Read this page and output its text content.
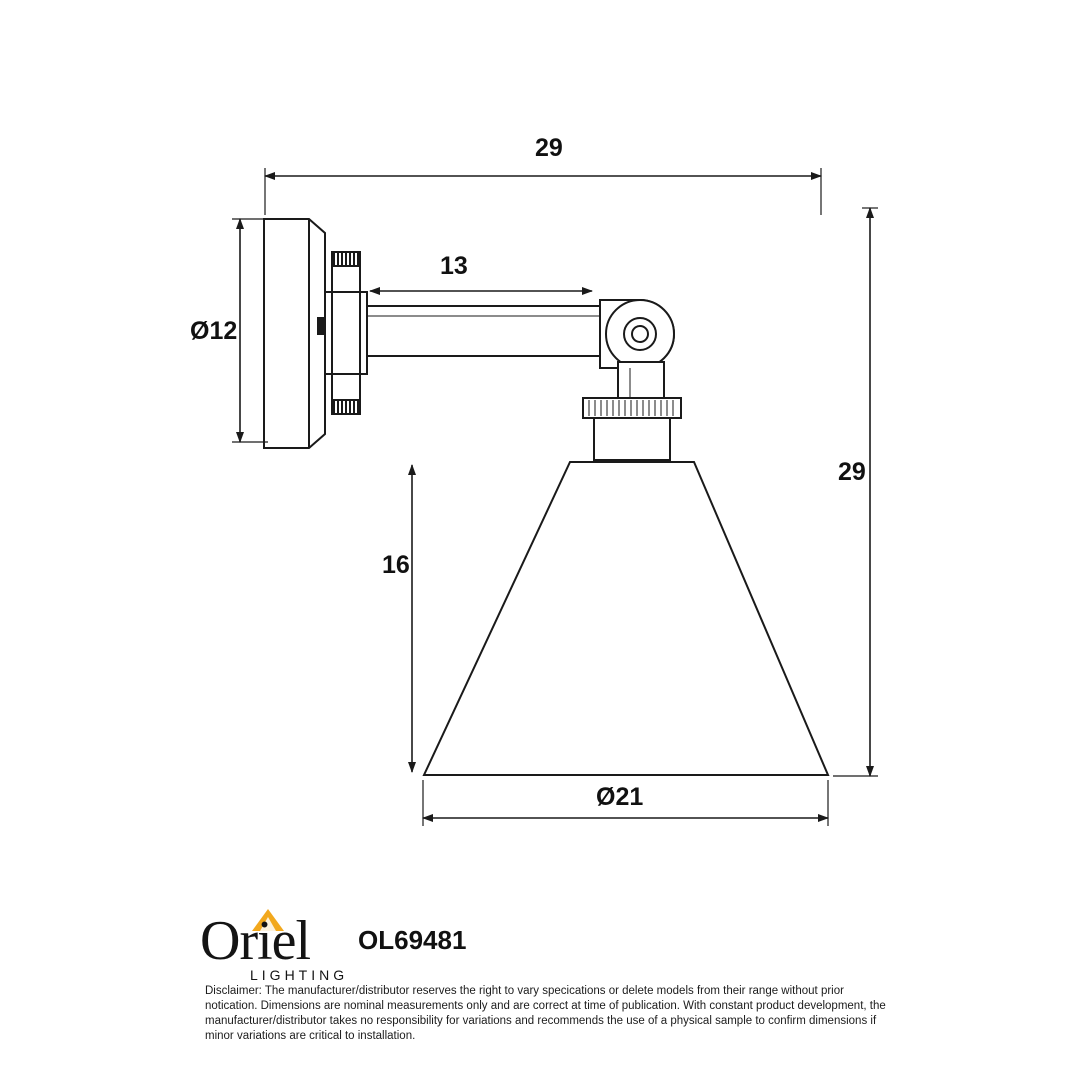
29
Ø12
13
29
16
Ø21
Oriel
LIGHTING
OL69481
Disclaimer: The manufacturer/distributor reserves the right to vary specications or delete models from their range without prior notication. Dimensions are nominal measurements only and are correct at time of publication. With constant product development, the manufacturer/distributor takes no responsibility for variations and recommends the use of a physical sample to confirm dimensions if minor variations are critical to installation.
